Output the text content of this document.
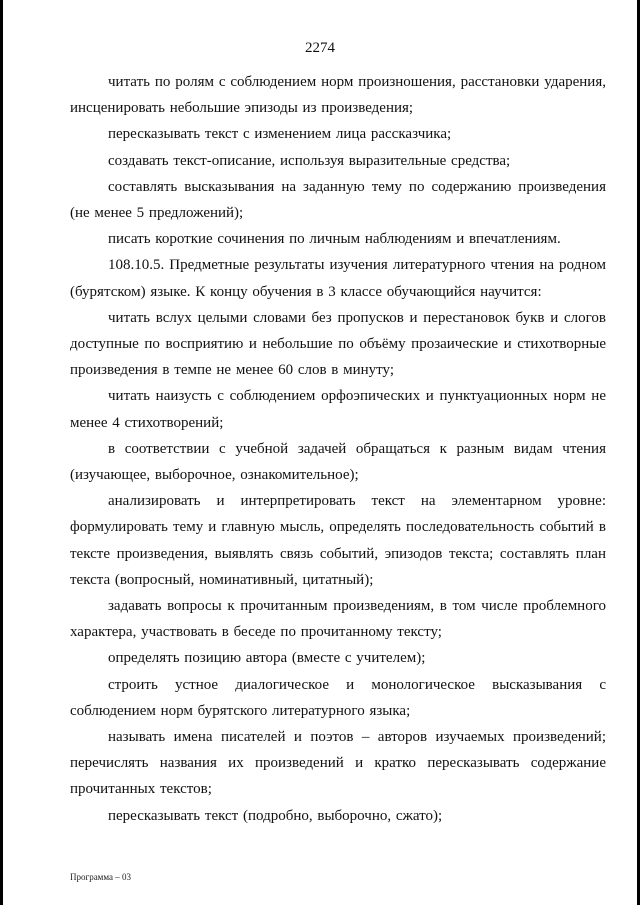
2274

читать по ролям с соблюдением норм произношения, расстановки ударения, инсценировать небольшие эпизоды из произведения;

пересказывать текст с изменением лица рассказчика;

создавать текст-описание, используя выразительные средства;

составлять высказывания на заданную тему по содержанию произведения (не менее 5 предложений);

писать короткие сочинения по личным наблюдениям и впечатлениям.

108.10.5. Предметные результаты изучения литературного чтения на родном (бурятском) языке. К концу обучения в 3 классе обучающийся научится:

читать вслух целыми словами без пропусков и перестановок букв и слогов доступные по восприятию и небольшие по объёму прозаические и стихотворные произведения в темпе не менее 60 слов в минуту;

читать наизусть с соблюдением орфоэпических и пунктуационных норм не менее 4 стихотворений;

в соответствии с учебной задачей обращаться к разным видам чтения (изучающее, выборочное, ознакомительное);

анализировать и интерпретировать текст на элементарном уровне: формулировать тему и главную мысль, определять последовательность событий в тексте произведения, выявлять связь событий, эпизодов текста; составлять план текста (вопросный, номинативный, цитатный);

задавать вопросы к прочитанным произведениям, в том числе проблемного характера, участвовать в беседе по прочитанному тексту;

определять позицию автора (вместе с учителем);

строить устное диалогическое и монологическое высказывания с соблюдением норм бурятского литературного языка;

называть имена писателей и поэтов – авторов изучаемых произведений; перечислять названия их произведений и кратко пересказывать содержание прочитанных текстов;

пересказывать текст (подробно, выборочно, сжато);

Программа – 03
